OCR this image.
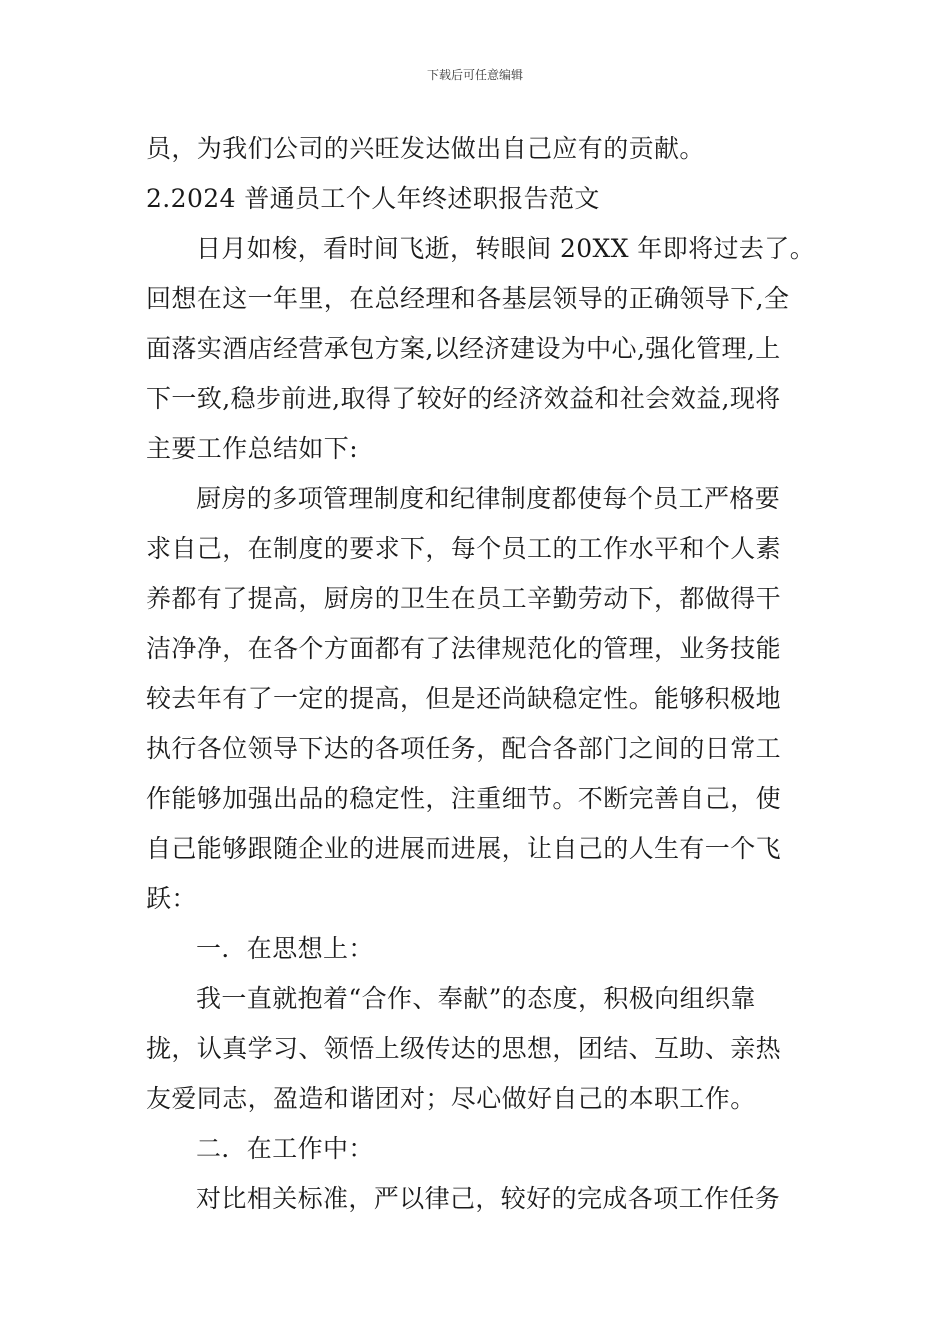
下载后可任意编辑
员，为我们公司的兴旺发达做出自己应有的贡献。
2.2024 普通员工个人年终述职报告范文
日月如梭，看时间飞逝，转眼间 20XX 年即将过去了。
回想在这一年里，在总经理和各基层领导的正确领导下,全
面落实酒店经营承包方案,以经济建设为中心,强化管理,上
下一致,稳步前进,取得了较好的经济效益和社会效益,现将
主要工作总结如下:
厨房的多项管理制度和纪律制度都使每个员工严格要
求自己，在制度的要求下，每个员工的工作水平和个人素
养都有了提高，厨房的卫生在员工辛勤劳动下，都做得干
洁净净，在各个方面都有了法律规范化的管理，业务技能
较去年有了一定的提高，但是还尚缺稳定性。能够积极地
执行各位领导下达的各项任务，配合各部门之间的日常工
作能够加强出品的稳定性，注重细节。不断完善自己，使
自己能够跟随企业的进展而进展，让自己的人生有一个飞
跃：
一．在思想上：
我一直就抱着“合作、奉献”的态度，积极向组织靠
拢，认真学习、领悟上级传达的思想，团结、互助、亲热
友爱同志，盈造和谐团对；尽心做好自己的本职工作。
二．在工作中：
对比相关标准，严以律己，较好的完成各项工作任务
